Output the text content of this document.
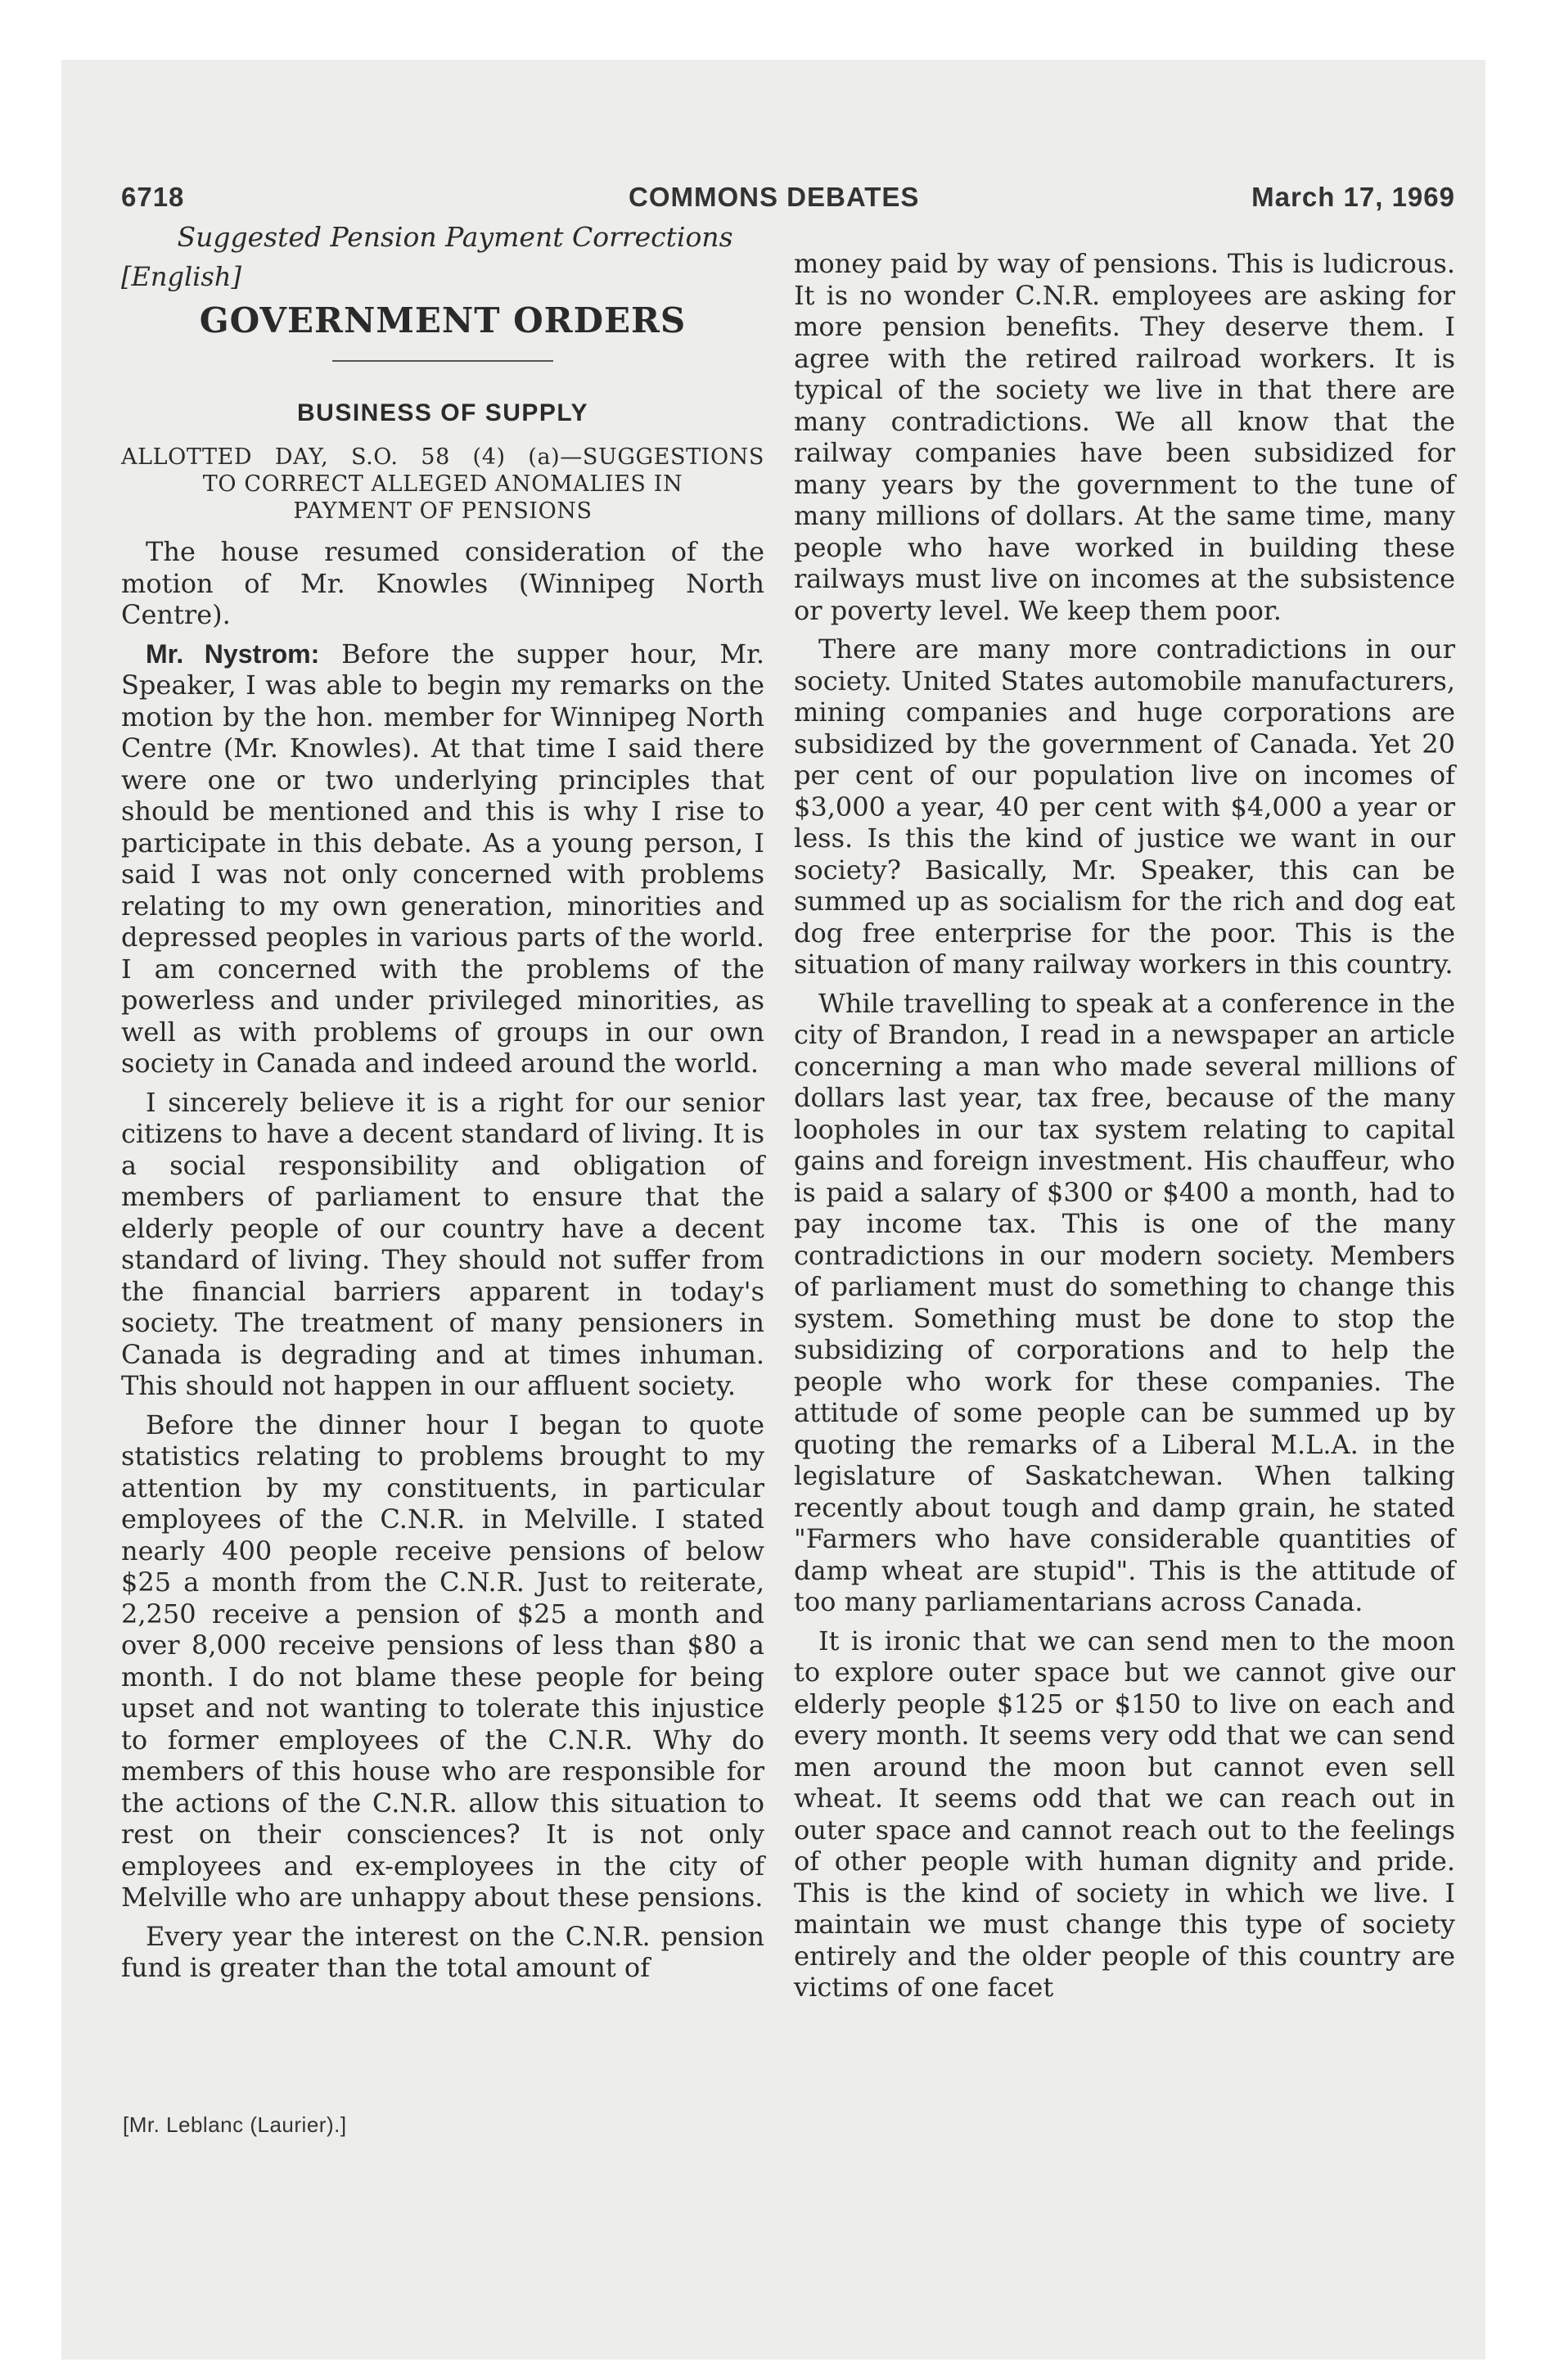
6718	COMMONS DEBATES	March 17, 1969

Suggested Pension Payment Corrections

[English]
GOVERNMENT ORDERS
BUSINESS OF SUPPLY
ALLOTTED DAY, S.O. 58 (4) (a)—SUGGESTIONS
TO CORRECT ALLEGED ANOMALIES IN
PAYMENT OF PENSIONS

The house resumed consideration of the motion of Mr. Knowles (Winnipeg North Centre).

Mr. Nystrom: Before the supper hour, Mr. Speaker, I was able to begin my remarks on the motion by the hon. member for Winnipeg North Centre (Mr. Knowles). At that time I said there were one or two underlying principles that should be mentioned and this is why I rise to participate in this debate. As a young person, I said I was not only concerned with problems relating to my own generation, minorities and depressed peoples in various parts of the world. I am concerned with the problems of the powerless and under privileged minorities, as well as with problems of groups in our own society in Canada and indeed around the world.

I sincerely believe it is a right for our senior citizens to have a decent standard of living. It is a social responsibility and obligation of members of parliament to ensure that the elderly people of our country have a decent standard of living. They should not suffer from the financial barriers apparent in today's society. The treatment of many pensioners in Canada is degrading and at times inhuman. This should not happen in our affluent society.

Before the dinner hour I began to quote statistics relating to problems brought to my attention by my constituents, in particular employees of the C.N.R. in Melville. I stated nearly 400 people receive pensions of below $25 a month from the C.N.R. Just to reiterate, 2,250 receive a pension of $25 a month and over 8,000 receive pensions of less than $80 a month. I do not blame these people for being upset and not wanting to tolerate this injustice to former employees of the C.N.R. Why do members of this house who are responsible for the actions of the C.N.R. allow this situation to rest on their consciences? It is not only employees and ex-employees in the city of Melville who are unhappy about these pensions.

Every year the interest on the C.N.R. pension fund is greater than the total amount of

money paid by way of pensions. This is ludicrous. It is no wonder C.N.R. employees are asking for more pension benefits. They deserve them. I agree with the retired railroad workers. It is typical of the society we live in that there are many contradictions. We all know that the railway companies have been subsidized for many years by the government to the tune of many millions of dollars. At the same time, many people who have worked in building these railways must live on incomes at the subsistence or poverty level. We keep them poor.

There are many more contradictions in our society. United States automobile manufacturers, mining companies and huge corporations are subsidized by the government of Canada. Yet 20 per cent of our population live on incomes of $3,000 a year, 40 per cent with $4,000 a year or less. Is this the kind of justice we want in our society? Basically, Mr. Speaker, this can be summed up as socialism for the rich and dog eat dog free enterprise for the poor. This is the situation of many railway workers in this country.

While travelling to speak at a conference in the city of Brandon, I read in a newspaper an article concerning a man who made several millions of dollars last year, tax free, because of the many loopholes in our tax system relating to capital gains and foreign investment. His chauffeur, who is paid a salary of $300 or $400 a month, had to pay income tax. This is one of the many contradictions in our modern society. Members of parliament must do something to change this system. Something must be done to stop the subsidizing of corporations and to help the people who work for these companies. The attitude of some people can be summed up by quoting the remarks of a Liberal M.L.A. in the legislature of Saskatchewan. When talking recently about tough and damp grain, he stated "Farmers who have considerable quantities of damp wheat are stupid". This is the attitude of too many parliamentarians across Canada.

It is ironic that we can send men to the moon to explore outer space but we cannot give our elderly people $125 or $150 to live on each and every month. It seems very odd that we can send men around the moon but cannot even sell wheat. It seems odd that we can reach out in outer space and cannot reach out to the feelings of other people with human dignity and pride. This is the kind of society in which we live. I maintain we must change this type of society entirely and the older people of this country are victims of one facet

[Mr. Leblanc (Laurier).]
